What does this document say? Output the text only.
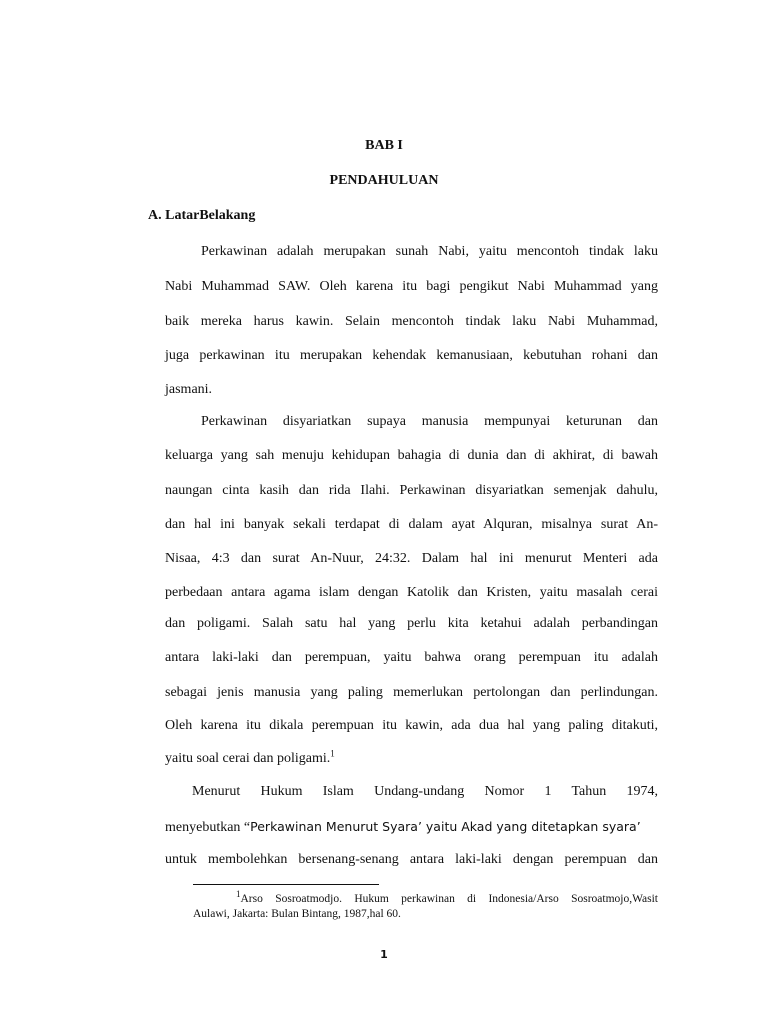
BAB I
PENDAHULUAN
A. LatarBelakang
Perkawinan adalah merupakan sunah Nabi, yaitu mencontoh tindak laku
Nabi Muhammad SAW. Oleh karena itu bagi pengikut Nabi Muhammad yang
baik mereka harus kawin. Selain mencontoh tindak laku Nabi Muhammad,
juga perkawinan itu merupakan kehendak kemanusiaan, kebutuhan rohani dan
jasmani.
Perkawinan disyariatkan supaya manusia mempunyai keturunan dan
keluarga yang sah menuju kehidupan bahagia di dunia dan di akhirat, di bawah
naungan cinta kasih dan rida Ilahi. Perkawinan disyariatkan semenjak dahulu,
dan hal ini banyak sekali terdapat di dalam ayat Alquran, misalnya surat An-
Nisaa, 4:3 dan surat An-Nuur, 24:32. Dalam hal ini menurut Menteri ada
perbedaan antara agama islam dengan Katolik dan Kristen, yaitu masalah cerai
dan poligami. Salah satu hal yang perlu kita ketahui adalah perbandingan
antara laki-laki dan perempuan, yaitu bahwa orang perempuan itu adalah
sebagai jenis manusia yang paling memerlukan pertolongan dan perlindungan.
Oleh karena itu dikala perempuan itu kawin, ada dua hal yang paling ditakuti,
yaitu soal cerai dan poligami.$^1$
Menurut Hukum Islam Undang-undang Nomor 1 Tahun 1974,
menyebutkan “Perkawinan Menurut Syara’ yaitu Akad yang ditetapkan syara’
untuk membolehkan bersenang-senang antara laki-laki dengan perempuan dan
$^1$Arso Sosroatmodjo. Hukum perkawinan di Indonesia/Arso Sosroatmojo,Wasit
Aulawi, Jakarta: Bulan Bintang, 1987,hal 60.
1
